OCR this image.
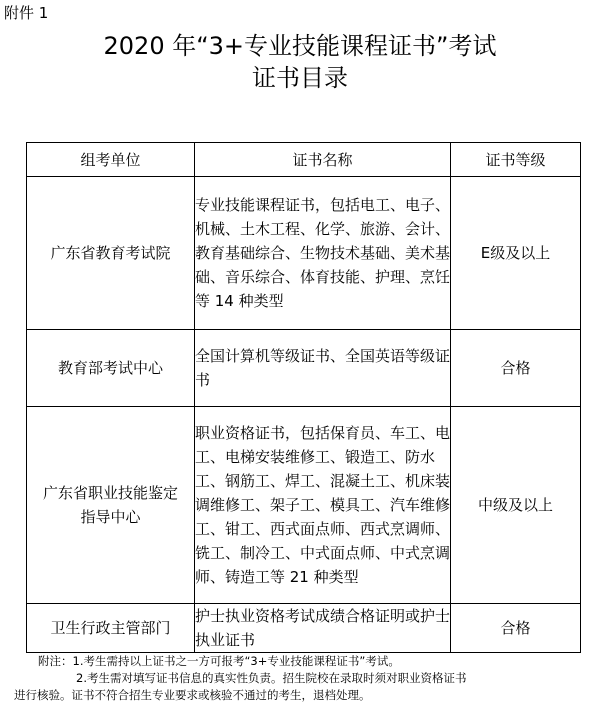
附件 1
2020 年“3+专业技能课程证书”考试
证书目录
组考单位	证书名称	证书等级
广东省教育考试院	专业技能课程证书，包括电工、电子、机械、土木工程、化学、旅游、会计、教育基础综合、生物技术基础、美术基础、音乐综合、体育技能、护理、烹饪等 14 种类型	E级及以上
教育部考试中心	全国计算机等级证书、全国英语等级证书	合格
广东省职业技能鉴定指导中心	职业资格证书，包括保育员、车工、电工、电梯安装维修工、锻造工、防水工、钢筋工、焊工、混凝土工、机床装调维修工、架子工、模具工、汽车维修工、钳工、西式面点师、西式烹调师、铣工、制冷工、中式面点师、中式烹调师、铸造工等 21 种类型	中级及以上
卫生行政主管部门	护士执业资格考试成绩合格证明或护士执业证书	合格

附注：1.考生需持以上证书之一方可报考“3+专业技能课程证书”考试。

2.考生需对填写证书信息的真实性负责。招生院校在录取时须对职业资格证书

进行核验。证书不符合招生专业要求或核验不通过的考生，退档处理。
